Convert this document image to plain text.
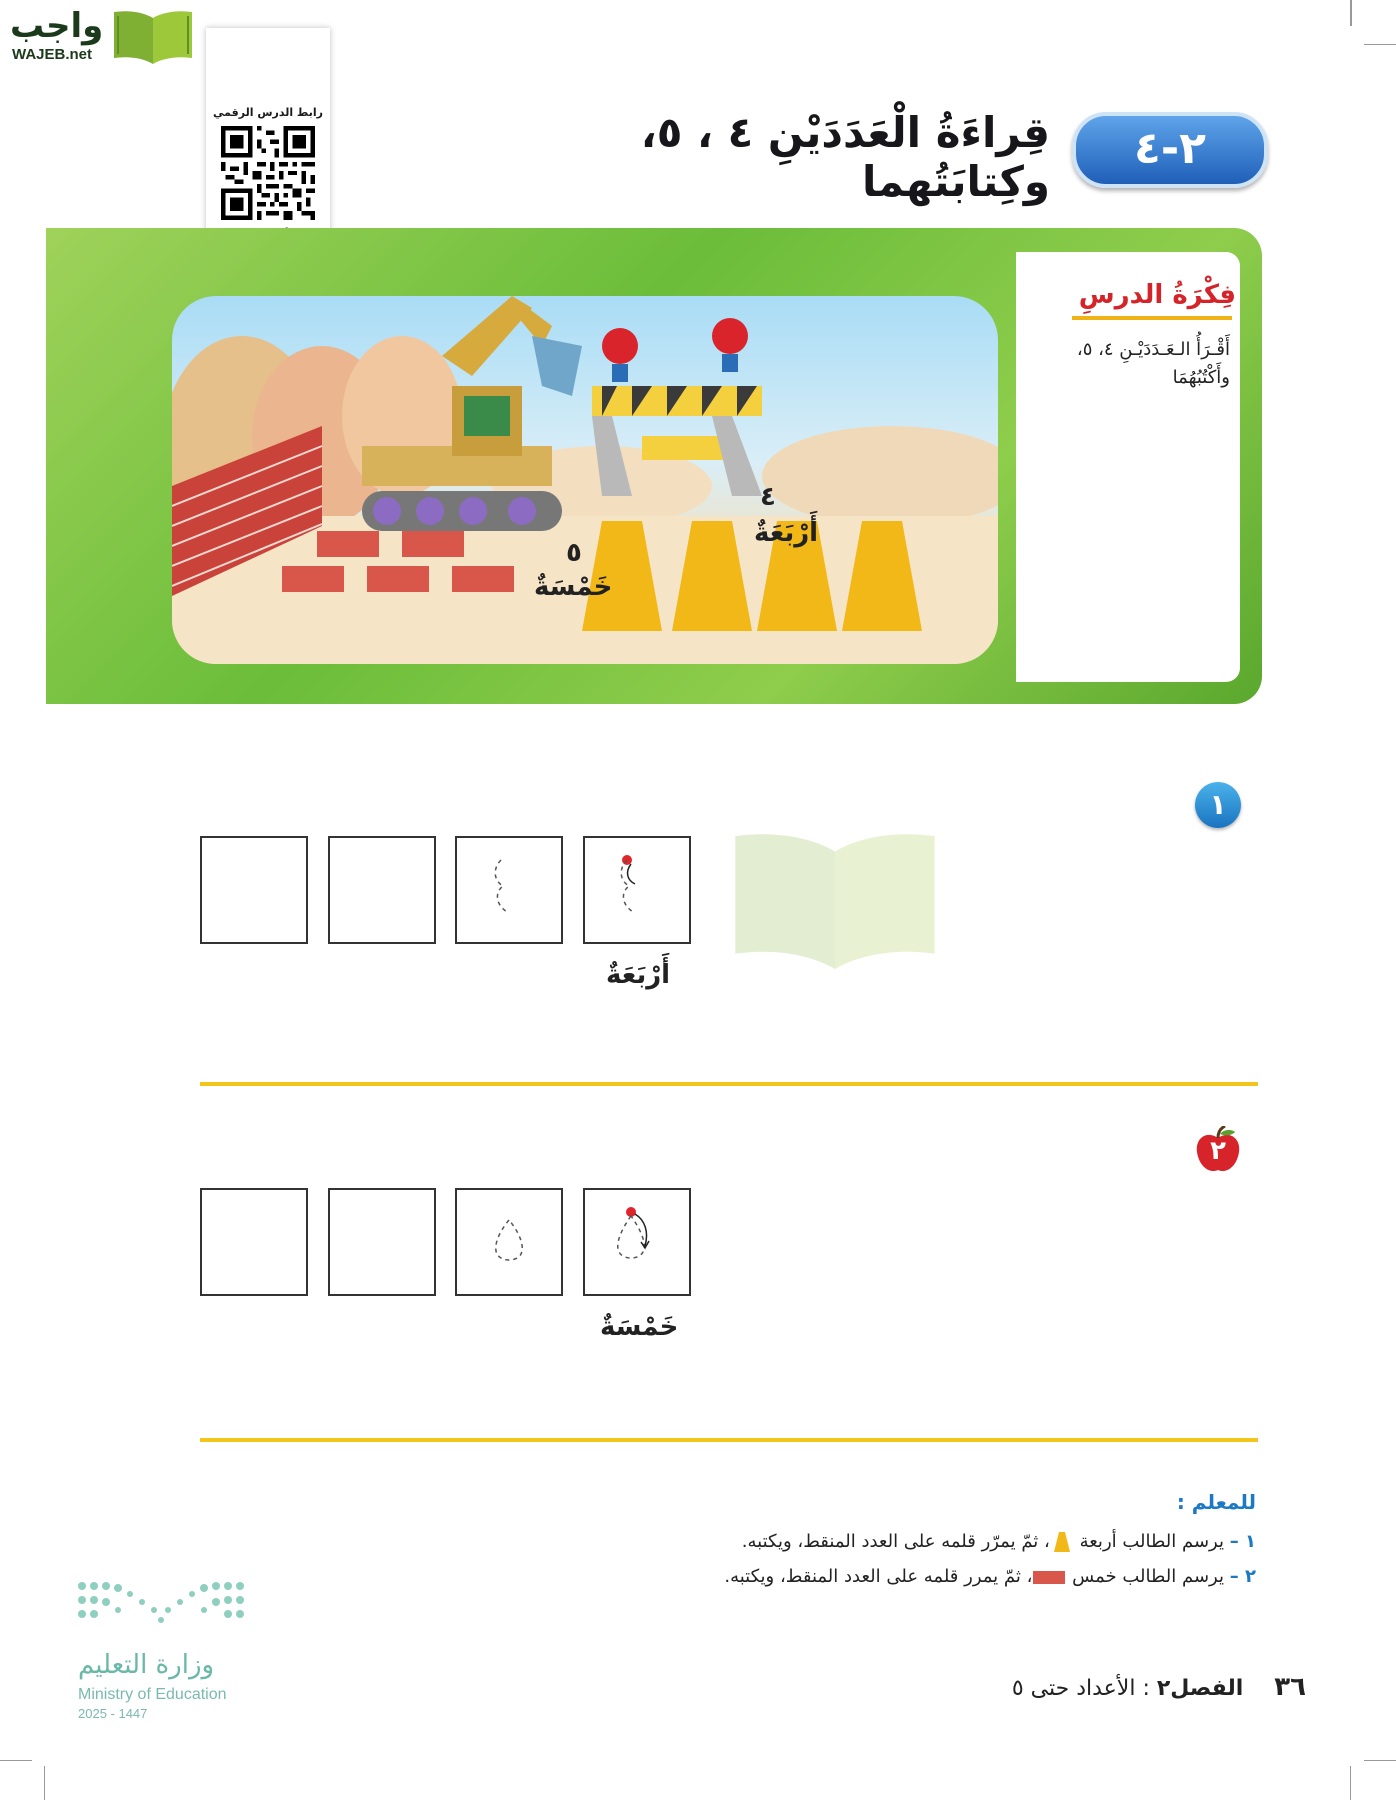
واجب
WAJEB.net
رابط الدرس الرقمي
٢-٤
قِراءَةُ الْعَدَدَيْنِ ٤ ، ٥، وكِتابَتُهما
فِكْرَةُ الدرسِ
أَقْـرَأُ الـعَـدَدَيْـنِ ٤، ٥، وأَكْتُبُهُمَا
٤
أَرْبَعَةٌ
٥
خَمْسَةٌ
١
أَرْبَعَةٌ
٢
خَمْسَةٌ
للمعلم :
١ – يرسم الطالب أربعة ، ثمّ يمرّر قلمه على العدد المنقط، ويكتبه.
٢ – يرسم الطالب خمس ، ثمّ يمرر قلمه على العدد المنقط، ويكتبه.
وزارة التعليم
Ministry of Education
2025 - 1447
٣٦ الفصل٢ : الأعداد حتى ٥
